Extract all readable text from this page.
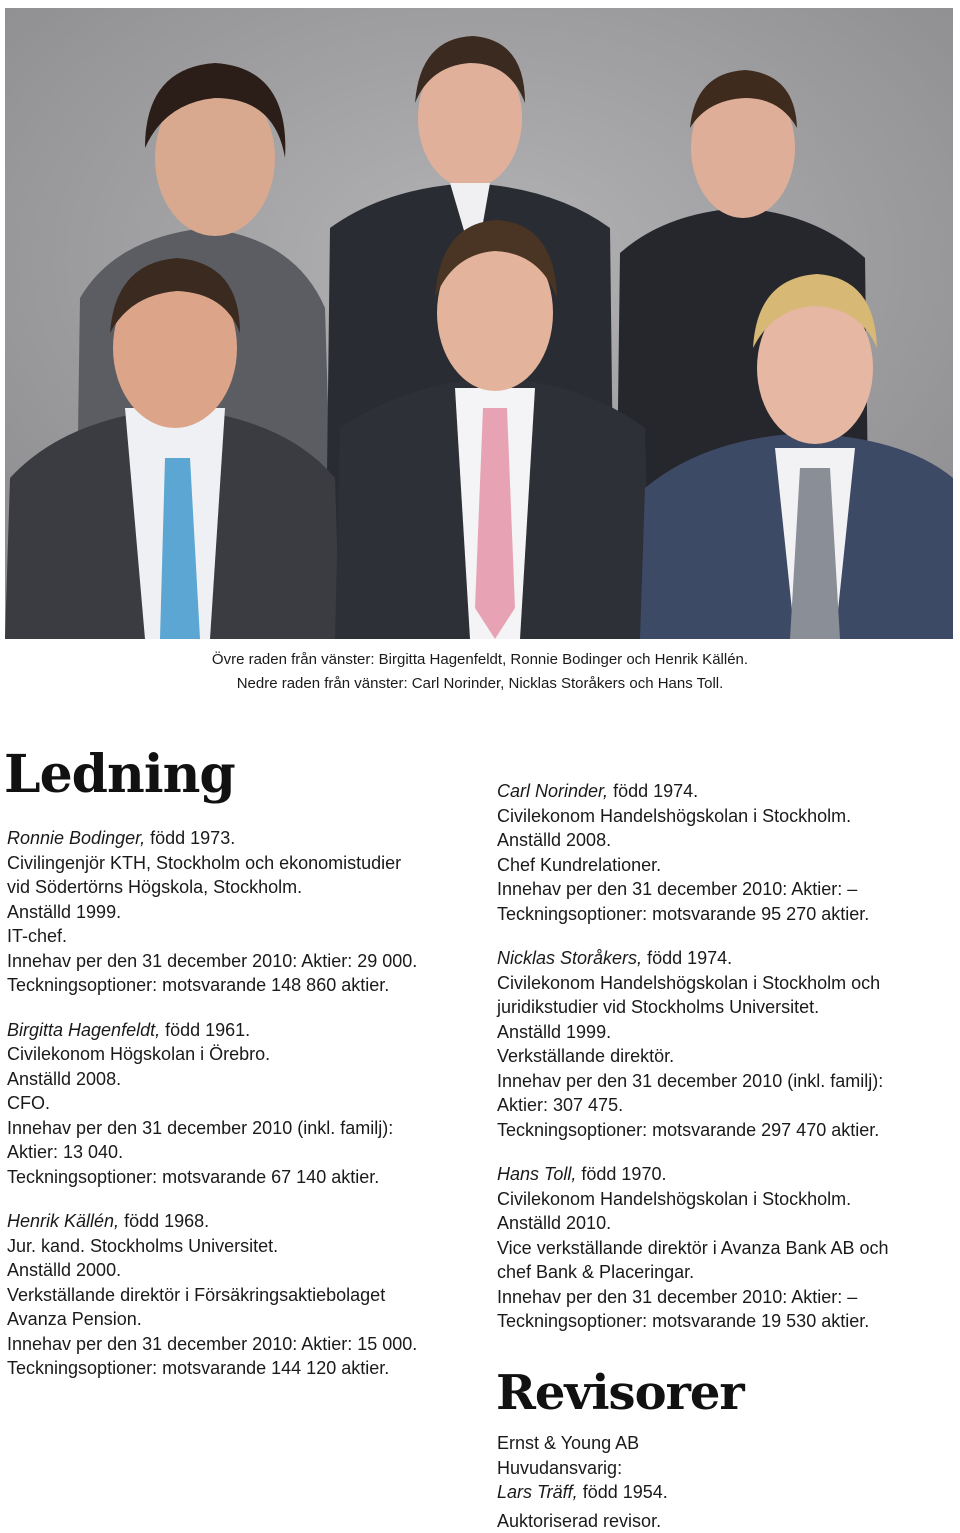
Övre raden från vänster: Birgitta Hagenfeldt, Ronnie Bodinger och Henrik Källén.
Nedre raden från vänster: Carl Norinder, Nicklas Storåkers och Hans Toll.
Ledning

Ronnie Bodinger, född 1973.

Civilingenjör KTH, Stockholm och ekonomistudier

vid Södertörns Högskola, Stockholm.

Anställd 1999.

IT-chef.

Innehav per den 31 december 2010: Aktier: 29 000.

Teckningsoptioner: motsvarande 148 860 aktier.

Birgitta Hagenfeldt, född 1961.

Civilekonom Högskolan i Örebro.

Anställd 2008.

CFO.

Innehav per den 31 december 2010 (inkl. familj):

Aktier: 13 040.

Teckningsoptioner: motsvarande 67 140 aktier.

Henrik Källén, född 1968.

Jur. kand. Stockholms Universitet.

Anställd 2000.

Verkställande direktör i Försäkringsaktiebolaget

Avanza Pension.

Innehav per den 31 december 2010: Aktier: 15 000.

Teckningsoptioner: motsvarande 144 120 aktier.

Carl Norinder, född 1974.

Civilekonom Handelshögskolan i Stockholm.

Anställd 2008.

Chef Kundrelationer.

Innehav per den 31 december 2010: Aktier: –

Teckningsoptioner: motsvarande 95 270 aktier.

Nicklas Storåkers, född 1974.

Civilekonom Handelshögskolan i Stockholm och

juridikstudier vid Stockholms Universitet.

Anställd 1999.

Verkställande direktör.

Innehav per den 31 december 2010 (inkl. familj):

Aktier: 307 475.

Teckningsoptioner: motsvarande 297 470 aktier.

Hans Toll, född 1970.

Civilekonom Handelshögskolan i Stockholm.

Anställd 2010.

Vice verkställande direktör i Avanza Bank AB och

chef Bank & Placeringar.

Innehav per den 31 december 2010: Aktier: –

Teckningsoptioner: motsvarande 19 530 aktier.

Revisorer

Ernst & Young AB

Huvudansvarig:

Lars Träff, född 1954.

Auktoriserad revisor.
